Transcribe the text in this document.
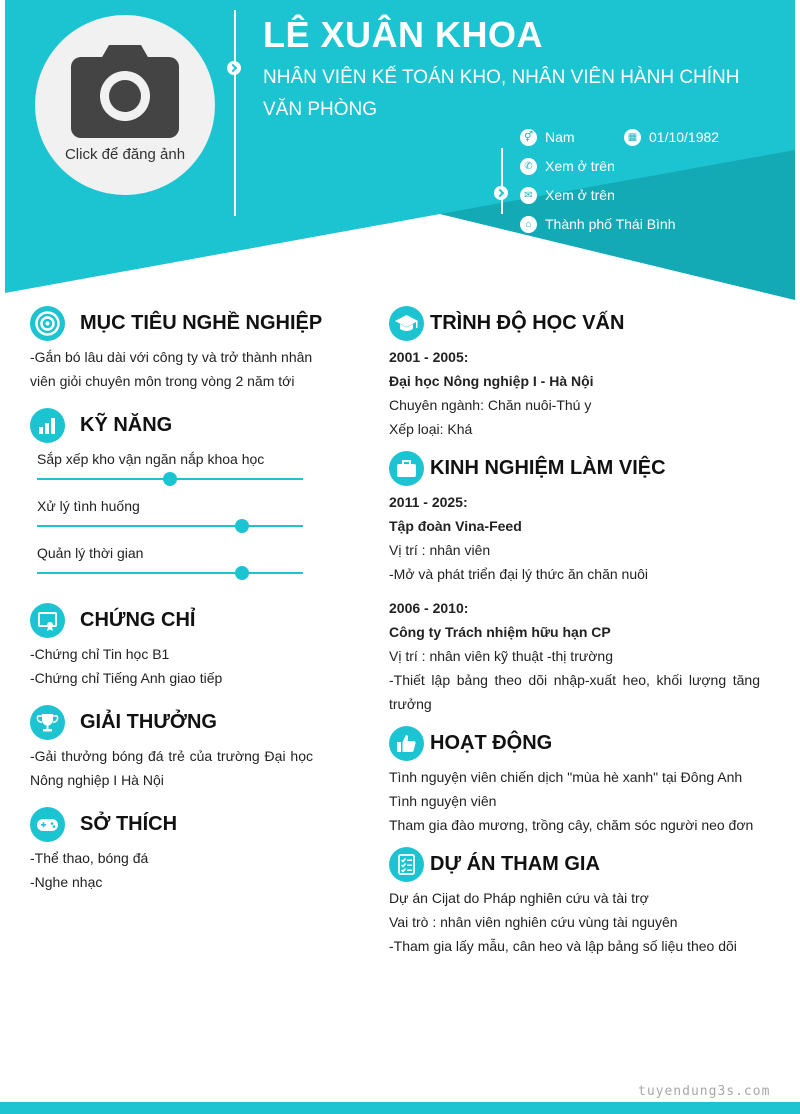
Click để đăng ảnh
LÊ XUÂN KHOA
NHÂN VIÊN KẾ TOÁN KHO, NHÂN VIÊN HÀNH CHÍNH VĂN PHÒNG
⚥ Nam	▦ 01/10/1982
✆ Xem ở trên
✉ Xem ở trên
⌂ Thành phố Thái Bình
MỤC TIÊU NGHỀ NGHIỆP
-Gắn bó lâu dài với công ty và trở thành nhân viên giỏi chuyên môn trong vòng 2 năm tới
KỸ NĂNG
Sắp xếp kho vận ngăn nắp khoa học
Xử lý tình huống
Quản lý thời gian
CHỨNG CHỈ
-Chứng chỉ Tin học B1
-Chứng chỉ Tiếng Anh giao tiếp
GIẢI THƯỞNG
-Gải thưởng bóng đá trẻ của trường Đại học Nông nghiệp I Hà Nội
SỞ THÍCH
-Thể thao, bóng đá
-Nghe nhạc
TRÌNH ĐỘ HỌC VẤN
2001 - 2005:
Đại học Nông nghiệp I - Hà Nội
Chuyên ngành: Chăn nuôi-Thú y
Xếp loại: Khá
KINH NGHIỆM LÀM VIỆC
2011 - 2025:
Tập đoàn Vina-Feed
Vị trí : nhân viên
-Mở và phát triển đại lý thức ăn chăn nuôi
2006 - 2010:
Công ty Trách nhiệm hữu hạn CP
Vị trí : nhân viên kỹ thuật -thị trường
-Thiết lập bảng theo dõi nhập-xuất heo, khối lượng tăng trưởng
HOẠT ĐỘNG
Tình nguyện viên chiến dịch "mùa hè xanh" tại Đông Anh
Tình nguyện viên
Tham gia đào mương, trồng cây, chăm sóc người neo đơn
DỰ ÁN THAM GIA
Dự án Cijat do Pháp nghiên cứu và tài trợ
Vai trò : nhân viên nghiên cứu vùng tài nguyên
-Tham gia lấy mẫu, cân heo và lập bảng số liệu theo dõi
tuyendung3s.com
